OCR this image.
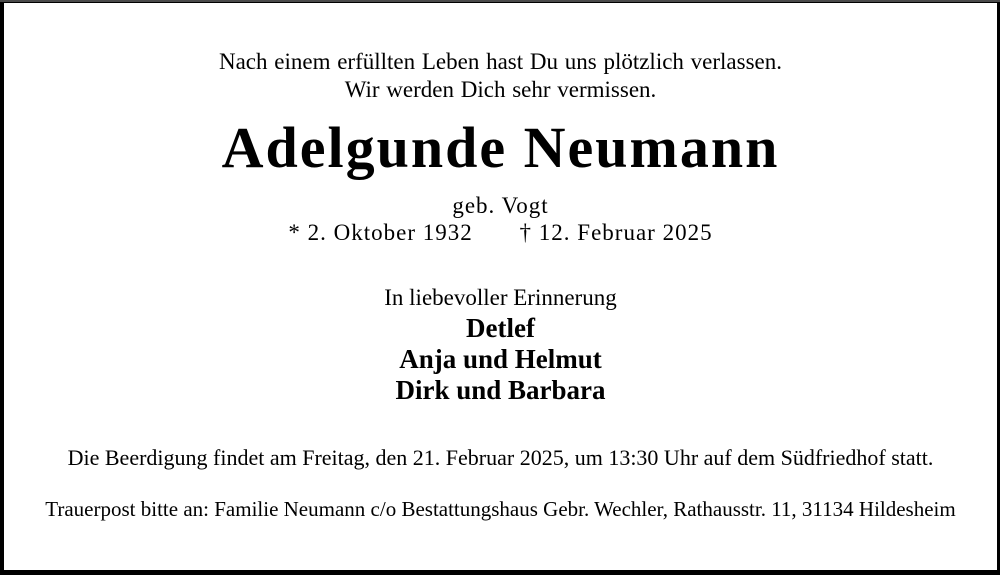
Nach einem erfüllten Leben hast Du uns plötzlich verlassen.
Wir werden Dich sehr vermissen.
Adelgunde Neumann
geb. Vogt
* 2. Oktober 1932 † 12. Februar 2025
In liebevoller Erinnerung
Detlef
Anja und Helmut
Dirk und Barbara
Die Beerdigung findet am Freitag, den 21. Februar 2025, um 13:30 Uhr auf dem Südfriedhof statt.
Trauerpost bitte an: Familie Neumann c/o Bestattungshaus Gebr. Wechler, Rathausstr. 11, 31134 Hildesheim
